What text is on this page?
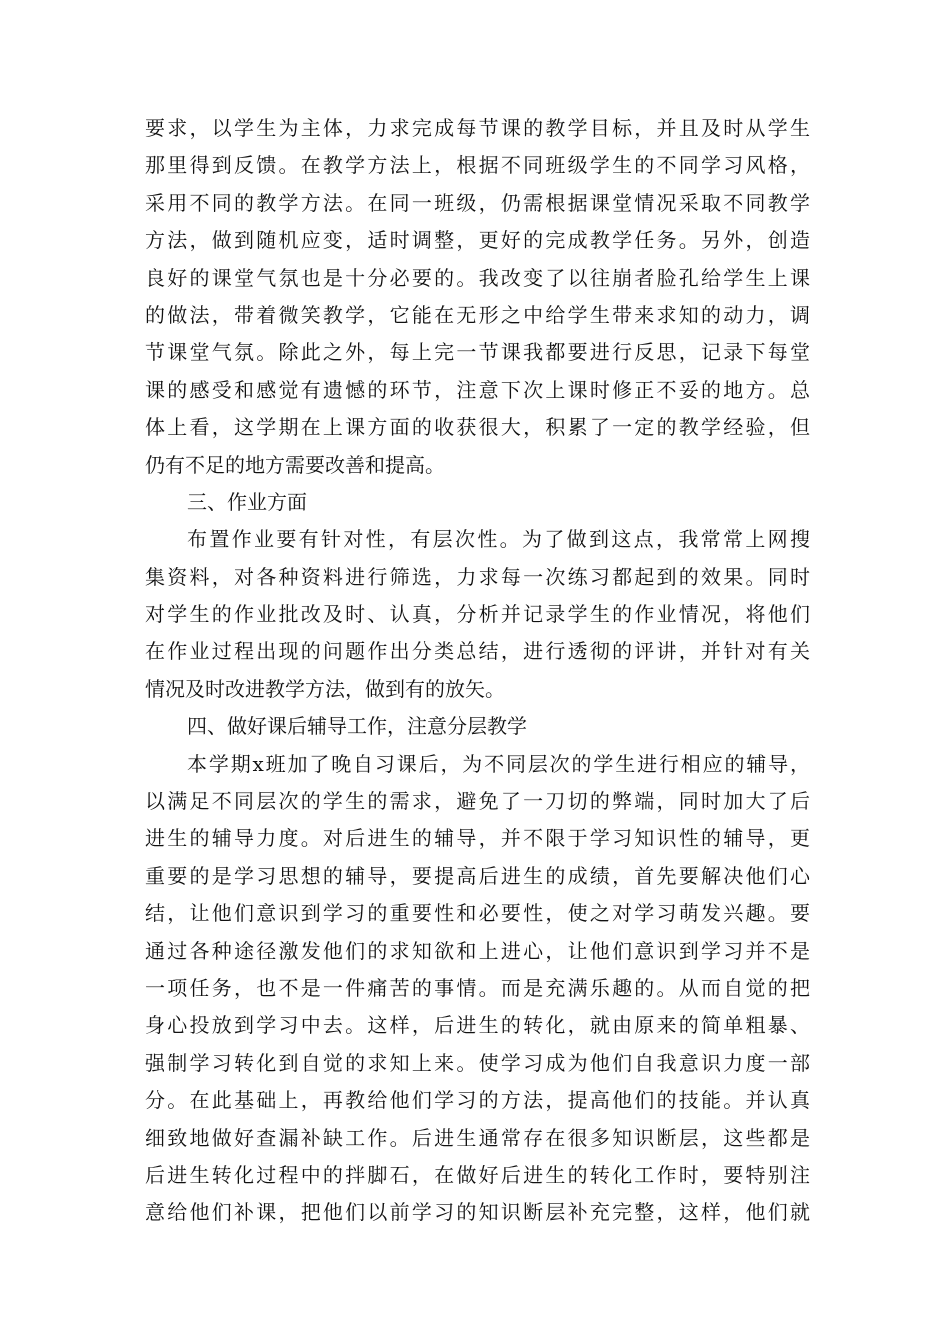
要求，以学生为主体，力求完成每节课的教学目标，并且及时从学生
那里得到反馈。在教学方法上，根据不同班级学生的不同学习风格，
采用不同的教学方法。在同一班级，仍需根据课堂情况采取不同教学
方法，做到随机应变，适时调整，更好的完成教学任务。另外，创造
良好的课堂气氛也是十分必要的。我改变了以往崩者脸孔给学生上课
的做法，带着微笑教学，它能在无形之中给学生带来求知的动力，调
节课堂气氛。除此之外，每上完一节课我都要进行反思，记录下每堂
课的感受和感觉有遗憾的环节，注意下次上课时修正不妥的地方。总
体上看，这学期在上课方面的收获很大，积累了一定的教学经验，但
仍有不足的地方需要改善和提高。
三、作业方面
布置作业要有针对性，有层次性。为了做到这点，我常常上网搜
集资料，对各种资料进行筛选，力求每一次练习都起到的效果。同时
对学生的作业批改及时、认真，分析并记录学生的作业情况，将他们
在作业过程出现的问题作出分类总结，进行透彻的评讲，并针对有关
情况及时改进教学方法，做到有的放矢。
四、做好课后辅导工作，注意分层教学
本学期x班加了晚自习课后，为不同层次的学生进行相应的辅导，
以满足不同层次的学生的需求，避免了一刀切的弊端，同时加大了后
进生的辅导力度。对后进生的辅导，并不限于学习知识性的辅导，更
重要的是学习思想的辅导，要提高后进生的成绩，首先要解决他们心
结，让他们意识到学习的重要性和必要性，使之对学习萌发兴趣。要
通过各种途径激发他们的求知欲和上进心，让他们意识到学习并不是
一项任务，也不是一件痛苦的事情。而是充满乐趣的。从而自觉的把
身心投放到学习中去。这样，后进生的转化，就由原来的简单粗暴、
强制学习转化到自觉的求知上来。使学习成为他们自我意识力度一部
分。在此基础上，再教给他们学习的方法，提高他们的技能。并认真
细致地做好查漏补缺工作。后进生通常存在很多知识断层，这些都是
后进生转化过程中的拌脚石，在做好后进生的转化工作时，要特别注
意给他们补课，把他们以前学习的知识断层补充完整，这样，他们就
